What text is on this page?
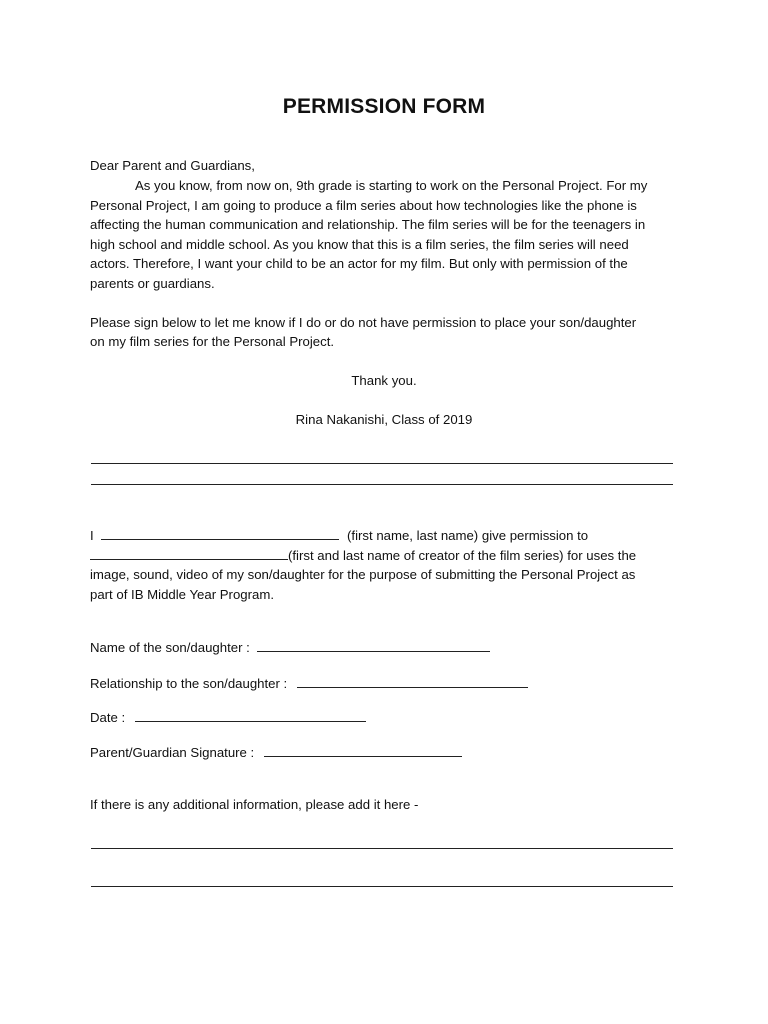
PERMISSION FORM
Dear Parent and Guardians,
As you know, from now on, 9th grade is starting to work on the Personal Project. For my
Personal Project, I am going to produce a film series about how technologies like the phone is
affecting the human communication and relationship. The film series will be for the teenagers in
high school and middle school. As you know that this is a film series, the film series will need
actors. Therefore, I want your child to be an actor for my film. But only with permission of the
parents or guardians.
Please sign below to let me know if I do or do not have permission to place your son/daughter
on my film series for the Personal Project.
Thank you.
Rina Nakanishi, Class of 2019
I	(first name, last name) give permission to
(first and last name of creator of the film series) for uses the
image, sound, video of my son/daughter for the purpose of submitting the Personal Project as
part of IB Middle Year Program.
Name of the son/daughter :
Relationship to the son/daughter :
Date :
Parent/Guardian Signature :
If there is any additional information, please add it here -
